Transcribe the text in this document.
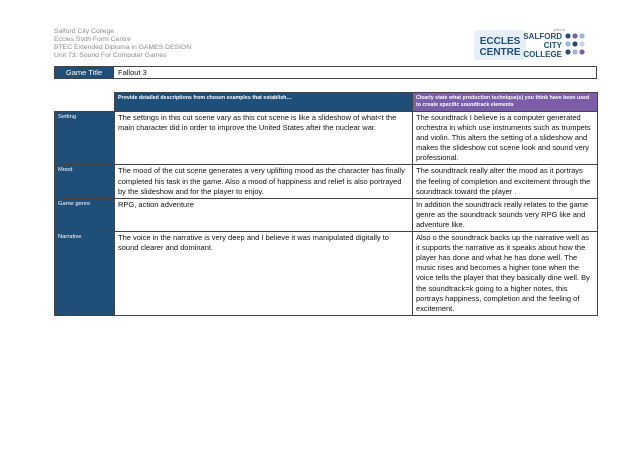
Salford City College
Eccles Sixth Form Centre
BTEC Extended Diploma in GAMES DESIGN
Unit 73: Sound For Computer Games
ECCLES
CENTRE
part of
SALFORD
CITY
COLLEGE
Game Title	Fallout 3
	Provide detailed descriptions from chosen examples that establish…	Clearly state what production technique(s) you think have been used to create specific soundtrack elements
Setting	The settings in this cut scene vary as this cut scene is like a slideshow of what<t the main character did in order to improve the United States after the nuclear war.	The soundtrack I believe is a computer generated orchestra in which use instruments such as trumpets and violin. This alters the setting of a slideshow and makes the slideshow cut scene look and sound very professional.
Mood	The mood of the cut scene generates a very uplifting mood as the character has finally completed his task in the game. Also a mood of happiness and relief is also portrayed by the slideshow and for the player to enjoy.	The soundtrack really alter the mood as it portrays the feeling of completion and excitement through the soundtrack toward the player .
Game genre	RPG, action adventure	In addition the soundtrack really relates to the game genre as the soundtrack sounds very RPG like and adventure like.
Narrative	The voice in the narrative is very deep and I believe it was manipulated digitally to sound clearer and dominant.	Also o the soundtrack backs up the narrative well as it supports the narrative as it speaks about how the player has done and what he has done well. The music rises and becomes a higher tone when the voice tells the player that they basically dine well. By the soundtrack=k going to a higher notes, this portrays happiness, completion and the feeling of excitement.
